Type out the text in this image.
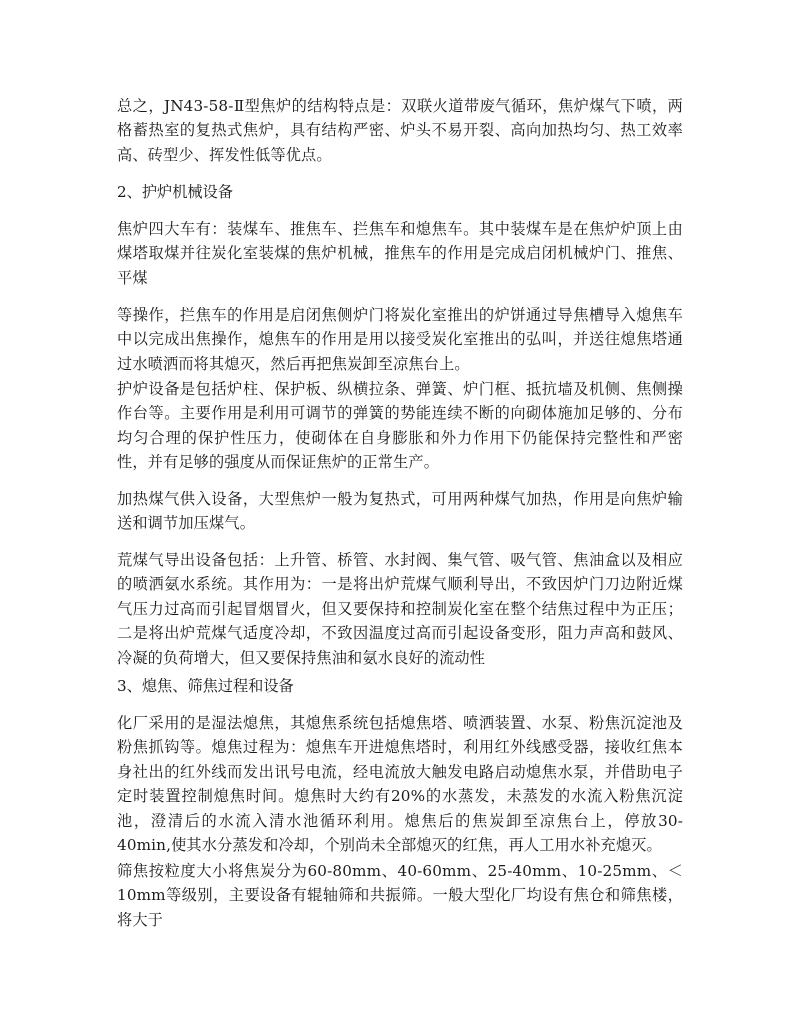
总之，JN43-58-Ⅱ型焦炉的结构特点是：双联火道带废气循环，焦炉煤气下喷，两格蓄热室的复热式焦炉，具有结构严密、炉头不易开裂、高向加热均匀、热工效率高、砖型少、挥发性低等优点。

2、护炉机械设备

焦炉四大车有：装煤车、推焦车、拦焦车和熄焦车。其中装煤车是在焦炉炉顶上由煤塔取煤并往炭化室装煤的焦炉机械，推焦车的作用是完成启闭机械炉门、推焦、平煤

等操作，拦焦车的作用是启闭焦侧炉门将炭化室推出的炉饼通过导焦槽导入熄焦车中以完成出焦操作，熄焦车的作用是用以接受炭化室推出的弘叫，并送往熄焦塔通过水喷洒而将其熄灭，然后再把焦炭卸至凉焦台上。

护炉设备是包括炉柱、保护板、纵横拉条、弹簧、炉门框、抵抗墙及机侧、焦侧操作台等。主要作用是利用可调节的弹簧的势能连续不断的向砌体施加足够的、分布均匀合理的保护性压力，使砌体在自身膨胀和外力作用下仍能保持完整性和严密性，并有足够的强度从而保证焦炉的正常生产。

加热煤气供入设备，大型焦炉一般为复热式，可用两种煤气加热，作用是向焦炉输送和调节加压煤气。

荒煤气导出设备包括：上升管、桥管、水封阀、集气管、吸气管、焦油盒以及相应的喷洒氨水系统。其作用为：一是将出炉荒煤气顺利导出，不致因炉门刀边附近煤气压力过高而引起冒烟冒火，但又要保持和控制炭化室在整个结焦过程中为正压；二是将出炉荒煤气适度冷却，不致因温度过高而引起设备变形，阻力声高和鼓风、冷凝的负荷增大，但又要保持焦油和氨水良好的流动性

3、熄焦、筛焦过程和设备

化厂采用的是湿法熄焦，其熄焦系统包括熄焦塔、喷洒装置、水泵、粉焦沉淀池及粉焦抓钩等。熄焦过程为：熄焦车开进熄焦塔时，利用红外线感受器，接收红焦本身社出的红外线而发出讯号电流，经电流放大触发电路启动熄焦水泵，并借助电子定时装置控制熄焦时间。熄焦时大约有20%的水蒸发，未蒸发的水流入粉焦沉淀池，澄清后的水流入清水池循环利用。熄焦后的焦炭卸至凉焦台上，停放30-40min,使其水分蒸发和冷却，个别尚未全部熄灭的红焦，再人工用水补充熄灭。

筛焦按粒度大小将焦炭分为60-80mm、40-60mm、25-40mm、10-25mm、＜10mm等级别，主要设备有辊轴筛和共振筛。一般大型化厂均设有焦仓和筛焦楼，将大于
